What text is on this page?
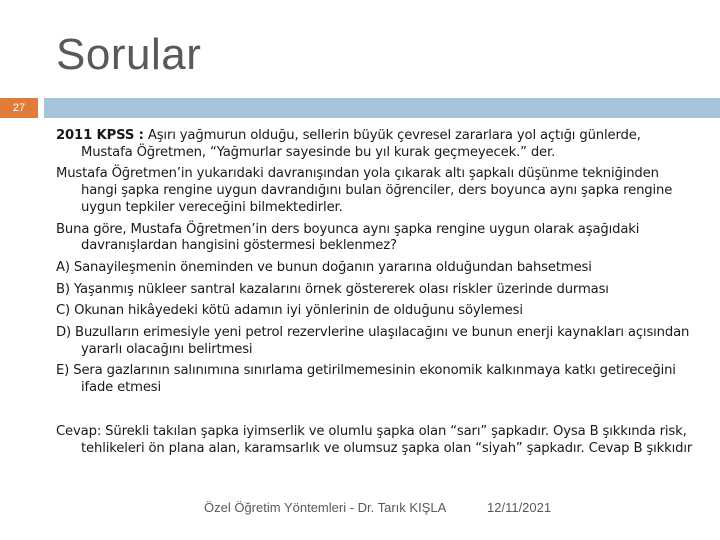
Sorular
27

2011 KPSS : Aşırı yağmurun olduğu, sellerin büyük çevresel zararlara yol açtığı günlerde, Mustafa Öğretmen, “Yağmurlar sayesinde bu yıl kurak geçmeyecek.” der.

Mustafa Öğretmen’in yukarıdaki davranışından yola çıkarak altı şapkalı düşünme tekniğinden hangi şapka rengine uygun davrandığını bulan öğrenciler, ders boyunca aynı şapka rengine uygun tepkiler vereceğini bilmektedirler.

Buna göre, Mustafa Öğretmen’in ders boyunca aynı şapka rengine uygun olarak aşağıdaki davranışlardan hangisini göstermesi beklenmez?

A) Sanayileşmenin öneminden ve bunun doğanın yararına olduğundan bahsetmesi

B) Yaşanmış nükleer santral kazalarını örnek göstererek olası riskler üzerinde durması

C) Okunan hikâyedeki kötü adamın iyi yönlerinin de olduğunu söylemesi

D) Buzulların erimesiyle yeni petrol rezervlerine ulaşılacağını ve bunun enerji kaynakları açısından yararlı olacağını belirtmesi

E) Sera gazlarının salınımına sınırlama getirilmemesinin ekonomik kalkınmaya katkı getireceğini ifade etmesi

Cevap: Sürekli takılan şapka iyimserlik ve olumlu şapka olan “sarı” şapkadır. Oysa B şıkkında risk, tehlikeleri ön plana alan, karamsarlık ve olumsuz şapka olan “siyah” şapkadır. Cevap B şıkkıdır

Özel Öğretim Yöntemleri - Dr. Tarık KIŞLA	12/11/2021
